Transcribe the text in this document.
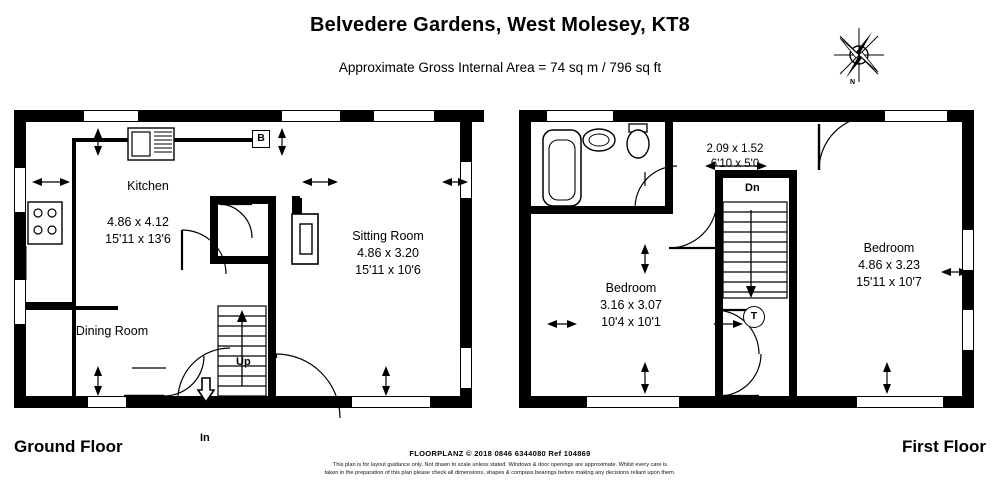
Belvedere Gardens, West Molesey, KT8
Approximate Gross Internal Area = 74 sq m / 796 sq ft
N
Kitchen
4.86 x 4.12
15'11 x 13'6	Sitting Room
4.86 x 3.20
15'11 x 10'6
Dining Room
B
Up
In
2.09 x 1.52
6'10 x 5'0
Dn
T
Bedroom
3.16 x 3.07
10'4 x 10'1
Bedroom
4.86 x 3.23
15'11 x 10'7
Ground Floor	First Floor
FLOORPLANZ © 2018 0846 6344080 Ref 104869
This plan is for layout guidance only. Not drawn to scale unless stated. Windows & door openings are approximate. Whilst every care is
taken in the preparation of this plan please check all dimensions, shapes & compass bearings before making any decisions reliant upon them.
